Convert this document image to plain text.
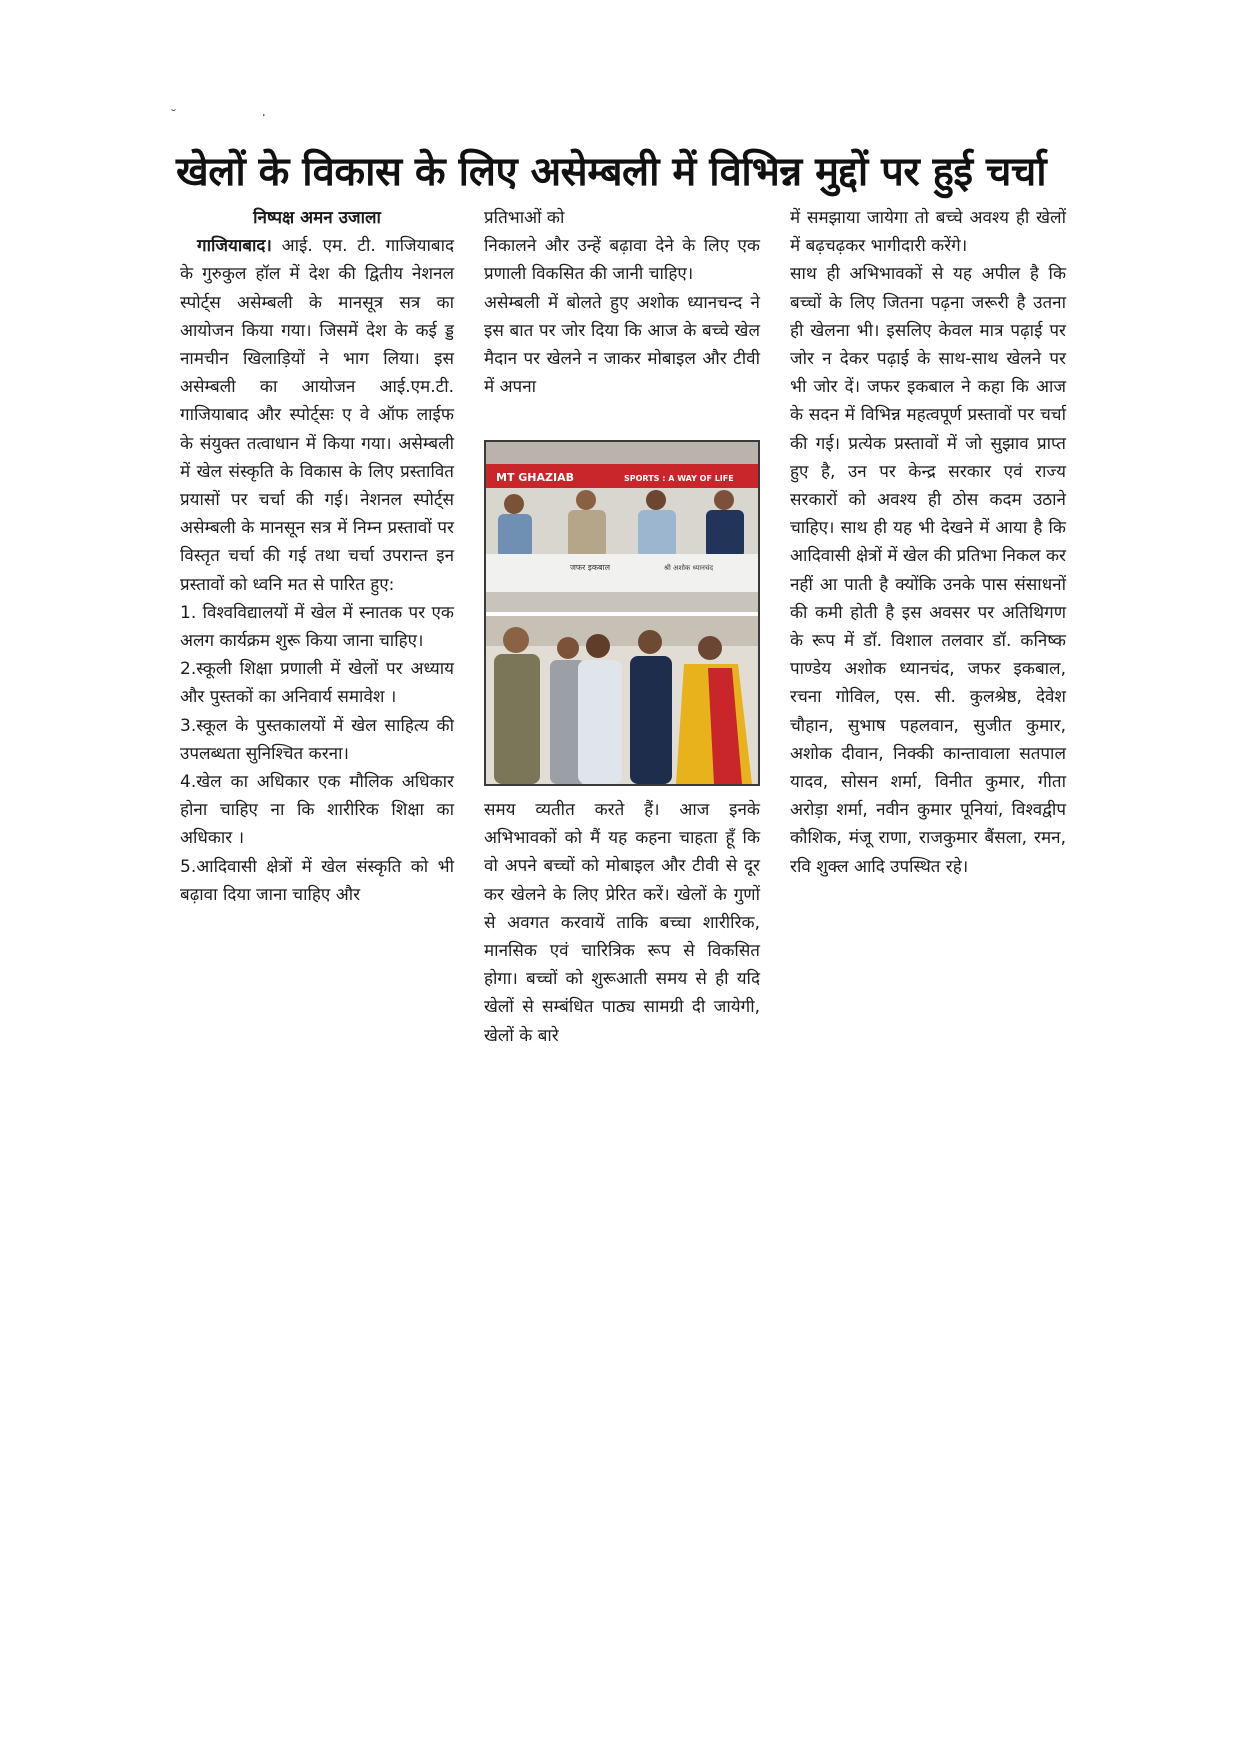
˘ ·
खेलों के विकास के लिए असेम्बली में विभिन्न मुद्दों पर हुई चर्चा

निष्पक्ष अमन उजाला

 गाजियाबाद। आई. एम. टी. गाजियाबाद के गुरुकुल हॉल में देश की द्वितीय नेशनल स्पोर्ट्स असेम्बली के मानसूत्र सत्र का आयोजन किया गया। जिसमें देश के कई ड्ड नामचीन खिलाड़ियों ने भाग लिया। इस असेम्बली का आयोजन आई.एम.टी. गाजियाबाद और स्पोर्ट्सः ए वे ऑफ लाईफ के संयुक्त तत्वाधान में किया गया। असेम्बली में खेल संस्कृति के विकास के लिए प्रस्तावित प्रयासों पर चर्चा की गई। नेशनल स्पोर्ट्स असेम्बली के मानसून सत्र में निम्न प्रस्तावों पर विस्तृत चर्चा की गई तथा चर्चा उपरान्त इन प्रस्तावों को ध्वनि मत से पारित हुए:

1. विश्वविद्यालयों में खेल में स्नातक पर एक अलग कार्यक्रम शुरू किया जाना चाहिए।

2.स्कूली शिक्षा प्रणाली में खेलों पर अध्याय और पुस्तकों का अनिवार्य समावेश ।

3.स्कूल के पुस्तकालयों में खेल साहित्य की उपलब्धता सुनिश्चित करना।

4.खेल का अधिकार एक मौलिक अधिकार होना चाहिए ना कि शारीरिक शिक्षा का अधिकार ।

5.आदिवासी क्षेत्रों में खेल संस्कृति को भी बढ़ावा दिया जाना चाहिए और

प्रतिभाओं को

निकालने और उन्हें बढ़ावा देने के लिए एक प्रणाली विकसित की जानी चाहिए।

असेम्बली में बोलते हुए अशोक ध्यानचन्द ने इस बात पर जोर दिया कि आज के बच्चे खेल मैदान पर खेलने न जाकर मोबाइल और टीवी में अपना

MT GHAZIAB	SPORTS : A WAY OF LIFE
जफर इकबाल	श्री अशोक ध्यानचंद

समय व्यतीत करते हैं। आज इनके अभिभावकों को मैं यह कहना चाहता हूँ कि वो अपने बच्चों को मोबाइल और टीवी से दूर कर खेलने के लिए प्रेरित करें। खेलों के गुणों से अवगत करवायें ताकि बच्चा शारीरिक, मानसिक एवं चारित्रिक रूप से विकसित होगा। बच्चों को शुरूआती समय से ही यदि खेलों से सम्बंधित पाठ्य सामग्री दी जायेगी, खेलों के बारे

में समझाया जायेगा तो बच्चे अवश्य ही खेलों में बढ़चढ़कर भागीदारी करेंगे।

साथ ही अभिभावकों से यह अपील है कि बच्चों के लिए जितना पढ़ना जरूरी है उतना ही खेलना भी। इसलिए केवल मात्र पढ़ाई पर जोर न देकर पढ़ाई के साथ-साथ खेलने पर भी जोर दें। जफर इकबाल ने कहा कि आज के सदन में विभिन्न महत्वपूर्ण प्रस्तावों पर चर्चा की गई। प्रत्येक प्रस्तावों में जो सुझाव प्राप्त हुए है, उन पर केन्द्र सरकार एवं राज्य सरकारों को अवश्य ही ठोस कदम उठाने चाहिए। साथ ही यह भी देखने में आया है कि आदिवासी क्षेत्रों में खेल की प्रतिभा निकल कर नहीं आ पाती है क्योंकि उनके पास संसाधनों की कमी होती है इस अवसर पर अतिथिगण के रूप में डॉ. विशाल तलवार डॉ. कनिष्क पाण्डेय अशोक ध्यानचंद, जफर इकबाल, रचना गोविल, एस. सी. कुलश्रेष्ठ, देवेश चौहान, सुभाष पहलवान, सुजीत कुमार, अशोक दीवान, निक्की कान्तावाला सतपाल यादव, सोसन शर्मा, विनीत कुमार, गीता अरोड़ा शर्मा, नवीन कुमार पूनियां, विश्वद्वीप कौशिक, मंजू राणा, राजकुमार बैंसला, रमन, रवि शुक्ल आदि उपस्थित रहे।
